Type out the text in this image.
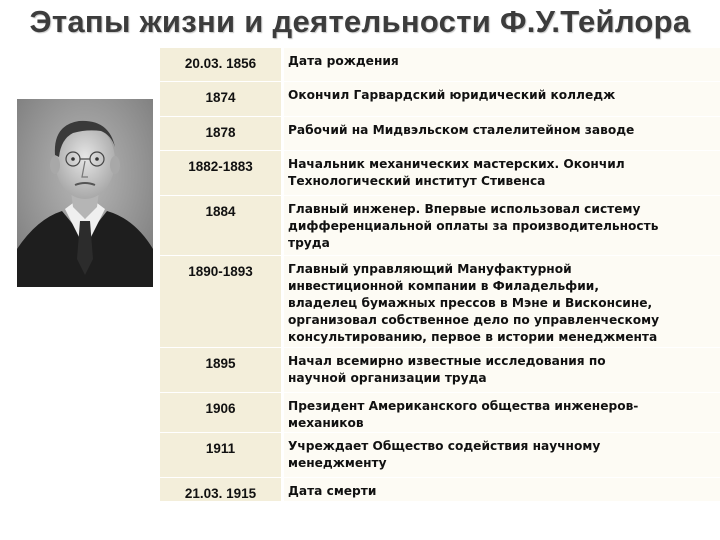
Этапы жизни и деятельности Ф.У.Тейлора
20.03. 1856	Дата рождения
1874	Окончил Гарвардский юридический колледж
1878	Рабочий на Мидвэльском сталелитейном заводе
1882-1883	Начальник механических мастерских. Окончил
Технологический институт Стивенса
1884	Главный инженер. Впервые использовал систему
дифференциальной оплаты за производительность
труда
1890-1893	Главный управляющий Мануфактурной
инвестиционной компании в Филадельфии,
владелец бумажных прессов в Мэне и Висконсине,
организовал собственное дело по управленческому
консультированию, первое в истории менеджмента
1895	Начал всемирно известные исследования по
научной организации труда
1906	Президент Американского общества инженеров-
механиков
1911	Учреждает Общество содействия научному
менеджменту
21.03. 1915	Дата смерти
